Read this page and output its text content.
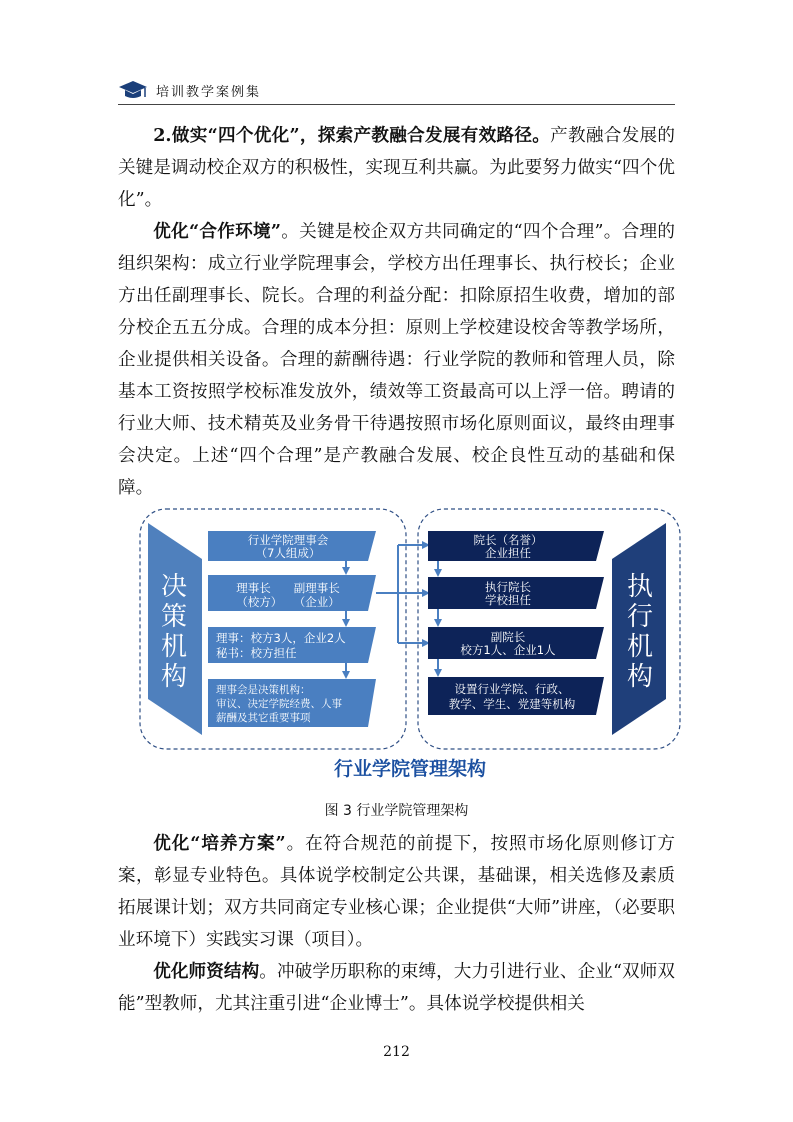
培训教学案例集

2.做实“四个优化”，探索产教融合发展有效路径。产教融合发展的关键是调动校企双方的积极性，实现互利共赢。为此要努力做实“四个优化”。

优化“合作环境”。关键是校企双方共同确定的“四个合理”。合理的组织架构：成立行业学院理事会，学校方出任理事长、执行校长；企业方出任副理事长、院长。合理的利益分配：扣除原招生收费，增加的部分校企五五分成。合理的成本分担：原则上学校建设校舍等教学场所，企业提供相关设备。合理的薪酬待遇：行业学院的教师和管理人员，除基本工资按照学校标准发放外，绩效等工资最高可以上浮一倍。聘请的行业大师、技术精英及业务骨干待遇按照市场化原则面议，最终由理事会决定。上述“四个合理”是产教融合发展、校企良性互动的基础和保障。

决
策
机
构
行业学院理事会
（7人组成）
理事长　　副理事长
（校方）　　（企业）
理事：校方3人，企业2人
秘书：校方担任
理事会是决策机构：
审议、决定学院经费、人事
薪酬及其它重要事项
院长（名誉）
企业担任
执行院长
学校担任
副院长
校方1人、企业1人
设置行业学院、行政、
教学、学生、党建等机构
执
行
机
构
行业学院管理架构
图 3 行业学院管理架构

优化“培养方案”。在符合规范的前提下，按照市场化原则修订方案，彰显专业特色。具体说学校制定公共课，基础课，相关选修及素质拓展课计划；双方共同商定专业核心课；企业提供“大师”讲座，（必要职业环境下）实践实习课（项目）。

优化师资结构。冲破学历职称的束缚，大力引进行业、企业“双师双能”型教师，尤其注重引进“企业博士”。具体说学校提供相关

212
